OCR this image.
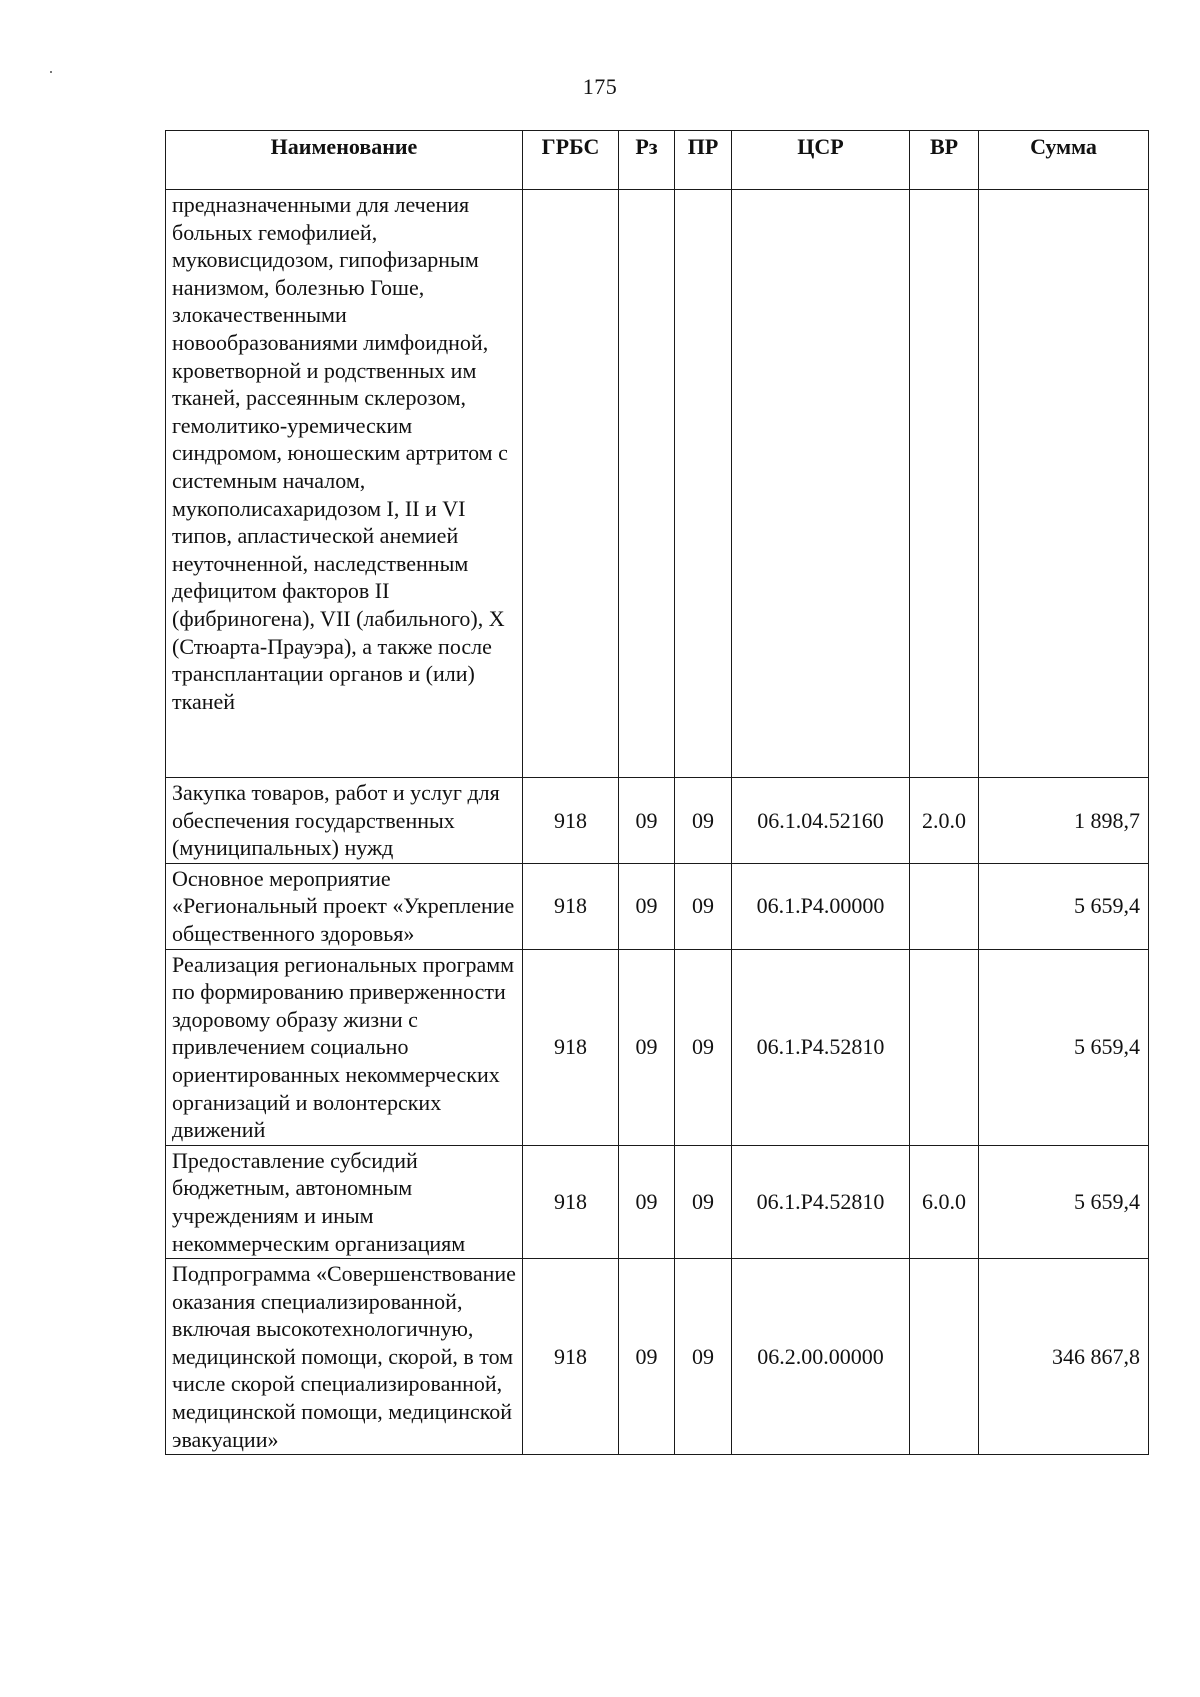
175
Наименование	ГРБС	Рз	ПР	ЦСР	ВР	Сумма
предназначенными для лечения больных гемофилией, муковисцидозом, гипофизарным нанизмом, болезнью Гоше, злокачественными новообразованиями лимфоидной, кроветворной и родственных им тканей, рассеянным склерозом, гемолитико-уремическим синдромом, юношеским артритом с системным началом, мукополисахаридозом I, II и VI типов, апластической анемией неуточненной, наследственным дефицитом факторов II (фибриногена), VII (лабильного), X (Стюарта-Прауэра), а также после трансплантации органов и (или) тканей						
Закупка товаров, работ и услуг для обеспечения государственных (муниципальных) нужд	918	09	09	06.1.04.52160	2.0.0	1 898,7
Основное мероприятие «Региональный проект «Укрепление общественного здоровья»	918	09	09	06.1.P4.00000		5 659,4
Реализация региональных программ по формированию приверженности здоровому образу жизни с привлечением социально ориентированных некоммерческих организаций и волонтерских движений	918	09	09	06.1.P4.52810		5 659,4
Предоставление субсидий бюджетным, автономным учреждениям и иным некоммерческим организациям	918	09	09	06.1.P4.52810	6.0.0	5 659,4
Подпрограмма «Совершенствование оказания специализированной, включая высокотехнологичную, медицинской помощи, скорой, в том числе скорой специализированной, медицинской помощи, медицинской эвакуации»	918	09	09	06.2.00.00000		346 867,8
